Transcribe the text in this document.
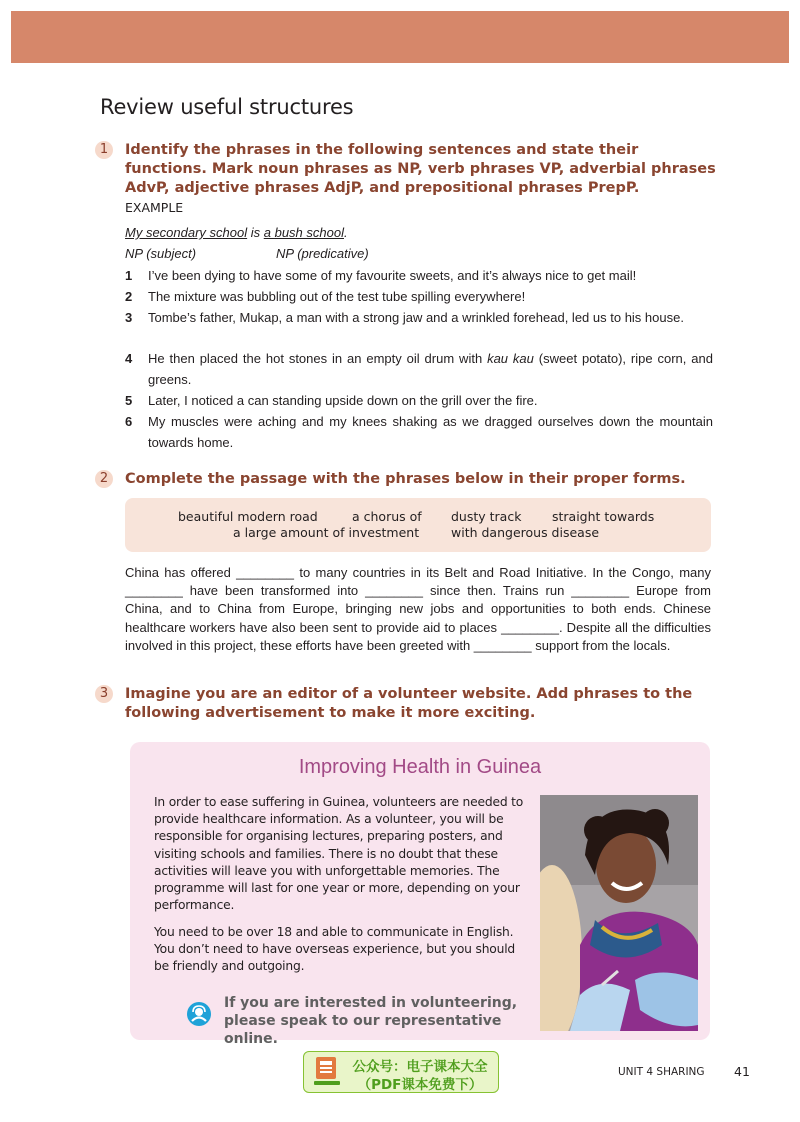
Review useful structures
1	Identify the phrases in the following sentences and state their functions. Mark noun phrases as NP, verb phrases VP, adverbial phrases AdvP, adjective phrases AdjP, and prepositional phrases PrepP.
EXAMPLE
My secondary school is a bush school.
NP (subject)	NP (predicative)
1 I’ve been dying to have some of my favourite sweets, and it’s always nice to get mail!
2 The mixture was bubbling out of the test tube spilling everywhere!
3 Tombe’s father, Mukap, a man with a strong jaw and a wrinkled forehead, led us to his house.
4 He then placed the hot stones in an empty oil drum with kau kau (sweet potato), ripe corn, and greens.
5 Later, I noticed a can standing upside down on the grill over the fire.
6 My muscles were aching and my knees shaking as we dragged ourselves down the mountain towards home.
2	Complete the passage with the phrases below in their proper forms.
beautiful modern road	a chorus of dusty track straight towards
a large amount of investment	with dangerous disease
China has offered ________ to many countries in its Belt and Road Initiative. In the Congo, many ________ have been transformed into ________ since then. Trains run ________ Europe from China, and to China from Europe, bringing new jobs and opportunities to both ends. Chinese healthcare workers have also been sent to provide aid to places ________. Despite all the difficulties involved in this project, these efforts have been greeted with ________ support from the locals.
3	Imagine you are an editor of a volunteer website. Add phrases to the following advertisement to make it more exciting.
Improving Health in Guinea
In order to ease suffering in Guinea, volunteers are needed to provide healthcare information. As a volunteer, you will be responsible for organising lectures, preparing posters, and visiting schools and families. There is no doubt that these activities will leave you with unforgettable memories. The programme will last for one year or more, depending on your performance.
You need to be over 18 and able to communicate in English. You don’t need to have overseas experience, but you should be friendly and outgoing.
If you are interested in volunteering, please speak to our representative online.
公众号：电子课本大全
（PDF课本免费下）
UNIT 4 SHARING 41
